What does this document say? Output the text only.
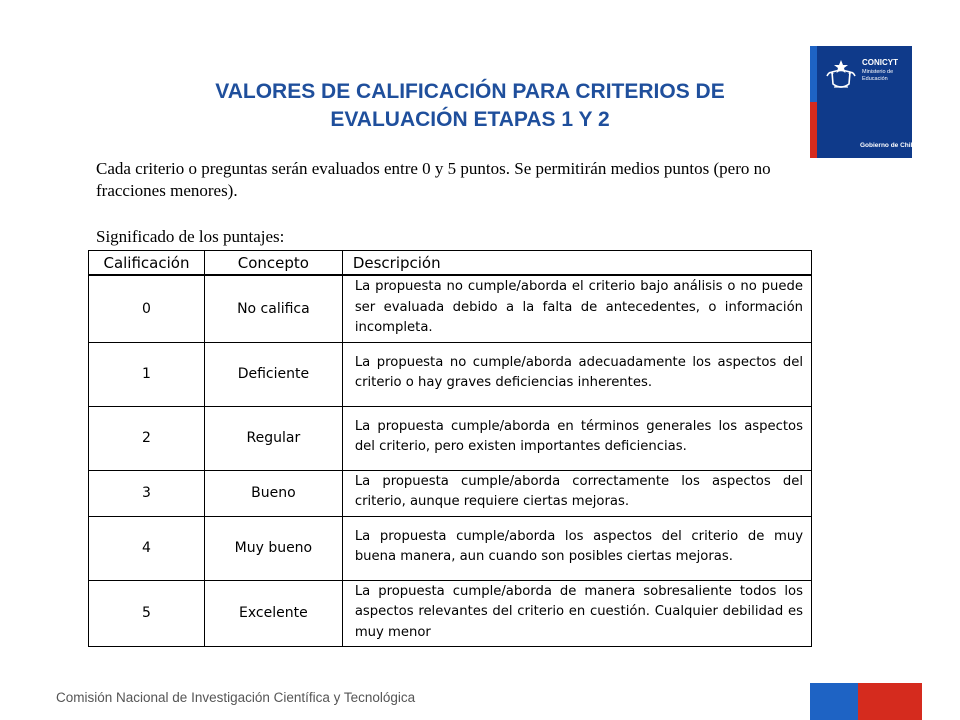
CONICYT
Ministerio de
Educación
Gobierno de Chile
VALORES DE CALIFICACIÓN PARA CRITERIOS DE
EVALUACIÓN ETAPAS 1 Y 2

Cada criterio o preguntas serán evaluados entre 0 y 5 puntos. Se permitirán medios puntos (pero no fracciones menores).

Significado de los puntajes:
Calificación	Concepto	Descripción
0	No califica	La propuesta no cumple/aborda el criterio bajo análisis o no puede ser evaluada debido a la falta de antecedentes, o información incompleta.
1	Deficiente	La propuesta no cumple/aborda adecuadamente los aspectos del criterio o hay graves deficiencias inherentes.
2	Regular	La propuesta cumple/aborda en términos generales los aspectos del criterio, pero existen importantes deficiencias.
3	Bueno	La propuesta cumple/aborda correctamente los aspectos del criterio, aunque requiere ciertas mejoras.
4	Muy bueno	La propuesta cumple/aborda los aspectos del criterio de muy buena manera, aun cuando son posibles ciertas mejoras.
5	Excelente	La propuesta cumple/aborda de manera sobresaliente todos los aspectos relevantes del criterio en cuestión. Cualquier debilidad es muy menor
Comisión Nacional de Investigación Científica y Tecnológica
